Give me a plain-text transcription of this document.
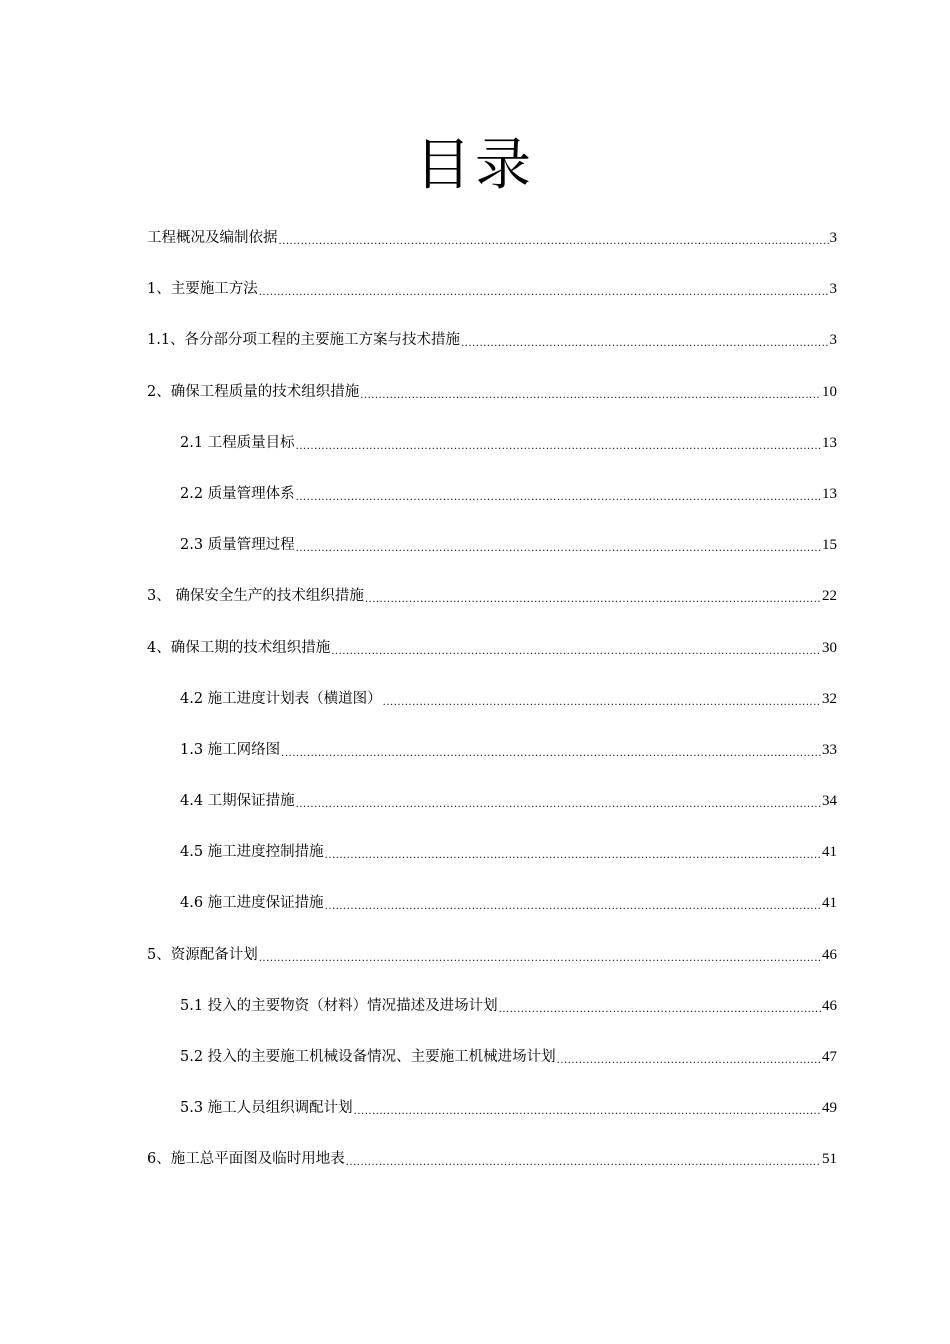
目录
工程概况及编制依据 .....	3
1、主要施工方法 .....	3
1.1、各分部分项工程的主要施工方案与技术措施 .....	3
2、确保工程质量的技术组织措施 .....	10
2.1 工程质量目标 .....	13
2.2 质量管理体系 .....	13
2.3 质量管理过程 .....	15
3、 确保安全生产的技术组织措施 .....	22
4、确保工期的技术组织措施 .....	30
4.2 施工进度计划表（横道图） .....	32
1.3 施工网络图 .....	33
4.4 工期保证措施 .....	34
4.5 施工进度控制措施 .....	41
4.6 施工进度保证措施 .....	41
5、资源配备计划 .....	46
5.1 投入的主要物资（材料）情况描述及进场计划 .....	46
5.2 投入的主要施工机械设备情况、主要施工机械进场计划 .....	47
5.3 施工人员组织调配计划 .....	49
6、施工总平面图及临时用地表 .....	51
